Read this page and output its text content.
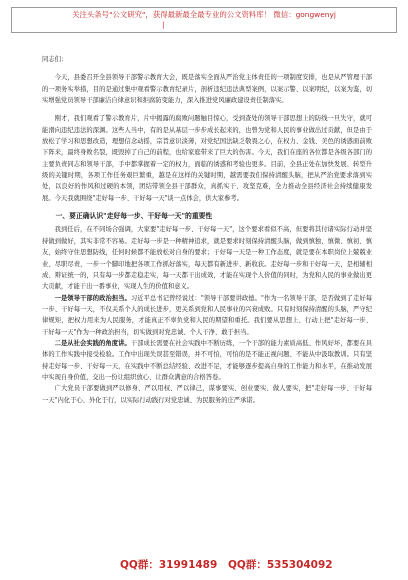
关注头条号"公文研究"，获得最新最全最专业的公文资料库！ 微信：gongwenyj
|

同志们：

今天，县委召开全县领导干部警示教育大会，既是落实全面从严治党主体责任的一项制度安排，也是从严管理干部的一项务实举措，目的是通过集中观看警示教育纪录片，剖析违纪违法典型案例，以案示警、以案明纪，以案为鉴，切实增强党员领导干部廉洁自律意识和拒腐防变能力，深入推进党风廉政建设责任制落实。

刚才，我们观看了警示教育片，片中揭露的腐败问题触目惊心，受到查处的领导干部思想上的防线一旦失守，就可能滑向违纪违法的深渊。这些人当中，有的是从基层一步步成长起来的，也曾为党和人民的事业做出过贡献，但是由于放松了学习和思想改造，理想信念动摇，宗旨意识淡薄，对党纪国法缺乏敬畏之心，在权力、金钱、美色的诱惑面前败下阵来，最终身败名裂，既毁掉了自己的前程，也给家庭带来了巨大的伤害。今天，我们在座的各位都是各级各部门的主要负责同志和领导干部，手中都掌握着一定的权力，面临的诱惑和考验也更多。目前，全县正处在加快发展、转型升级的关键时期，各项工作任务艰巨繁重，越是在这样的关键时期，越需要我们保持清醒头脑，把从严治党要求落到实处，以良好的作风和过硬的本领，团结带领全县干部群众，真抓实干、攻坚克难，全力推动全县经济社会持续健康发展。今天我就围绕"走好每一步、干好每一天"谈一点体会，供大家参考。

一、要正确认识"走好每一步、干好每一天"的重要性

我到任后，在不同场合强调，大家要"走好每一步、干好每一天"，这个要求看似不高，但要将其付诸实际行动并坚持做到做好，其实非常不容易。走好每一步是一种精神追求，就是要求时刻保持清醒头脑，做到慎独、慎微、慎初、慎友，始终守住思想防线，任何时候都不能放松对自身的要求；干好每一天是一种工作态度，就是要在本职岗位上兢兢业业、尽职尽责，一步一个脚印地把各项工作抓好落实，每天都有新进步、新收获。走好每一步和干好每一天，是相辅相成、辩证统一的，只有每一步都走稳走实，每一天都干出成效，才能在实现个人价值的同时，为党和人民的事业做出更大贡献，才能干出一番事业，实现人生的价值和意义。

一是领导干部的政治担当。习近平总书记曾经说过："领导干部要讲政德。"作为一名领导干部，是否做到了走好每一步、干好每一天，不仅关系个人的成长进步，更关系到党和人民事业的兴衰成败。只有时刻保持清醒的头脑，严守纪律规矩，把权力用来为人民服务，才能真正不辜负党和人民的期望和重托。我们要从思想上、行动上把"走好每一步、干好每一天"作为一种政治担当，切实做到对党忠诚、个人干净、敢于担当。

二是从社会实践的角度讲。干部成长需要在社会实践中不断历练，一个干部的能力素质高低、作风好坏，都要在具体的工作实践中接受检验。工作中出现失误甚至错误，并不可怕，可怕的是不能正视问题、不能从中汲取教训。只有坚持走好每一步、干好每一天，在实践中不断总结经验、改进不足，才能够逐步提高自身的工作能力和水平，在推动发展中实现自身价值，交出一份让组织放心、让群众满意的合格答卷。

广大党员干部要做到严以修身、严以用权、严以律己，谋事要实、创业要实、做人要实，把"走好每一步、干好每一天"内化于心、外化于行，以实际行动践行对党忠诚、为民服务的庄严承诺。

QQ群：31991489 QQ群：535304092
